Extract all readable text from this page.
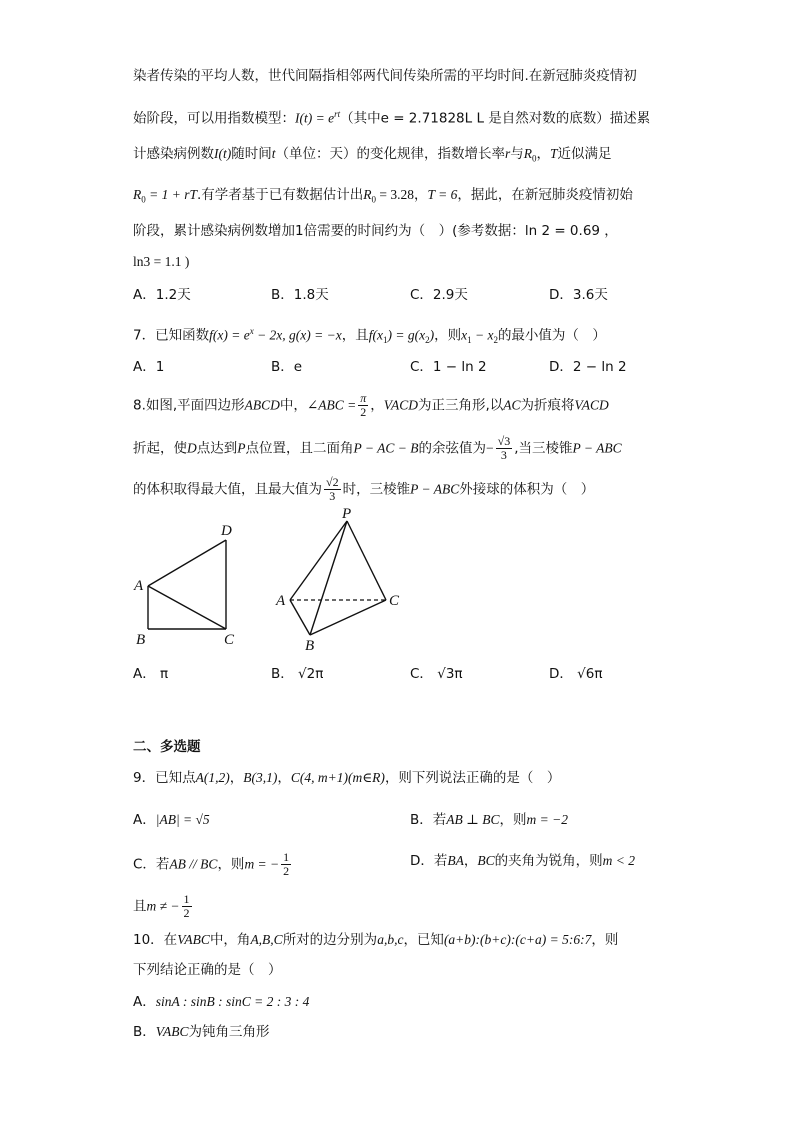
染者传染的平均人数，世代间隔指相邻两代间传染所需的平均时间.在新冠肺炎疫情初
始阶段，可以用指数模型：$I(t) = e^{rt}$（其中e = 2.71828L L 是自然对数的底数）描述累
计感染病例数I(t)随时间t（单位：天）的变化规律，指数增长率r与$R_0$，T近似满足
$R_0 = 1$ + rT.有学者基于已有数据估计出$R_0 = 3.28$，T = 6，据此，在新冠肺炎疫情初始
阶段，累计感染病例数增加1倍需要的时间约为（　）(参考数据：ln 2 = 0.69 ，
ln3 = 1.1 )
A．1.2天	B．1.8天	C．2.9天	D．3.6天
7．已知函数$f(x) = e^x - 2x$, g(x) = −x，且$f(x_1) = g(x_2)$，则$x_1 - x_2$的最小值为（　）
A．1	B．e	C．1 − ln 2	D．2 − ln 2
8.如图,平面四边形ABCD中，∠ABC = $\frac{\pi}{2}$ ，VACD为正三角形,以AC为折痕将VACD
折起，使D点达到P点位置，且二面角P − AC − B的余弦值为− $\frac{√3}{3}$ ,当三棱锥P − ABC
的体积取得最大值，且最大值为 $\frac{√2}{3}$ 时，三棱锥P − ABC外接球的体积为（　）
D
A
B	C
P
A
B
C
A． π	B． √2π	C． √3π	D． √6π
二、多选题
9．已知点A(1,2)，B(3,1)，C(4, m+1)(m∈R)，则下列说法正确的是（　）
A．|AB| = √5	B．若AB ⊥ BC，则m = −2
C．若AB // BC，则m = − $\frac{1}{2}$	D．若BA，BC的夹角为锐角，则m < 2
且m ≠ − $\frac{1}{2}$
10．在VABC中，角A,B,C所对的边分别为a,b,c，已知(a+b):(b+c):(c+a) = 5:6:7，则
下列结论正确的是（　）
A．sinA : sinB : sinC = 2 : 3 : 4
B．VABC为钝角三角形
